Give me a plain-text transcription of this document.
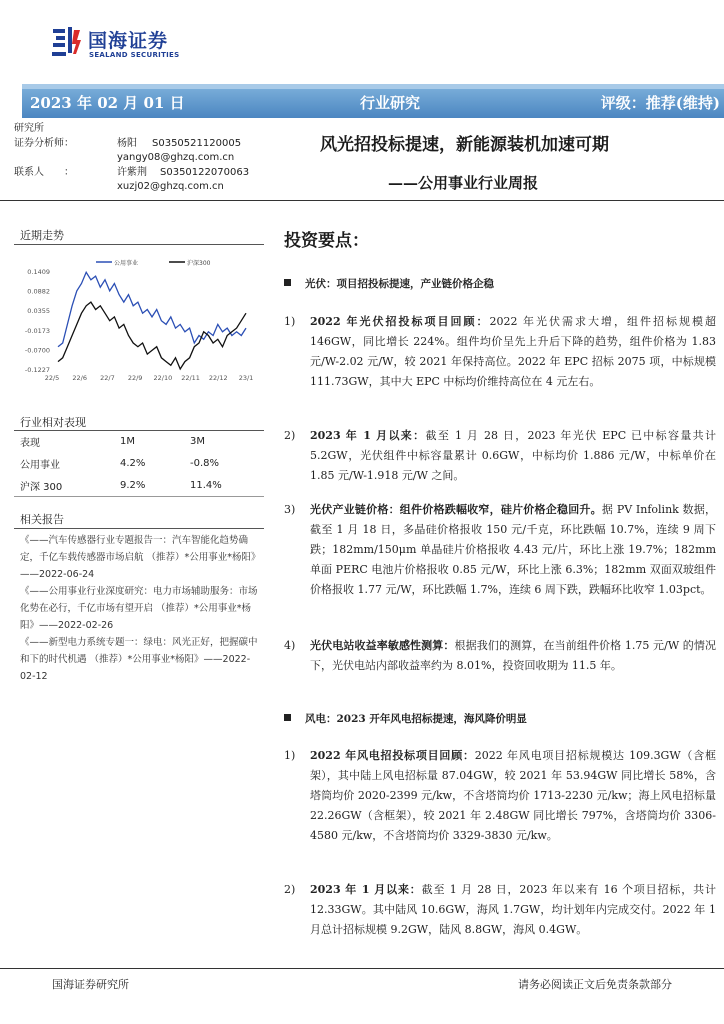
国海证券
SEALAND SECURITIES
2023 年 02 月 01 日	行业研究	评级：推荐(维持)
研究所
证券分析师：	杨阳 S0350521120005
yangy08@ghzq.com.cn
联系人　　：	许紫荆 S0350122070063
xuzj02@ghzq.com.cn
风光招投标提速，新能源装机加速可期
——公用事业行业周报
近期走势
公用事业	沪深300
0.1409
0.0882
0.0355
-0.0173
-0.0700
-0.1227
22/5 22/6 22/7 22/9 22/10 22/11 22/12 23/1
行业相对表现
表现	1M	3M
公用事业	4.2%	-0.8%
沪深 300	9.2%	11.4%
相关报告
《——汽车传感器行业专题报告一：汽车智能化趋势确定，千亿车载传感器市场启航 （推荐）*公用事业*杨阳》——2022-06-24
《——公用事业行业深度研究：电力市场辅助服务：市场化势在必行，千亿市场有望开启 （推荐）*公用事业*杨阳》——2022-02-26
《——新型电力系统专题一：绿电：风光正好，把握碳中和下的时代机遇 （推荐）*公用事业*杨阳》——2022-02-12
投资要点：
光伏：项目招投标提速，产业链价格企稳
1) 2022 年光伏招投标项目回顾：2022 年光伏需求大增，组件招标规模超 146GW，同比增长 224%。组件均价呈先上升后下降的趋势，组件价格为 1.83 元/W-2.02 元/W，较 2021 年保持高位。2022 年 EPC 招标 2075 项，中标规模 111.73GW，其中大 EPC 中标均价维持高位在 4 元左右。
2) 2023 年 1 月以来：截至 1 月 28 日，2023 年光伏 EPC 已中标容量共计 5.2GW，光伏组件中标容量累计 0.6GW，中标均价 1.886 元/W，中标单价在 1.85 元/W-1.918 元/W 之间。
3) 光伏产业链价格：组件价格跌幅收窄，硅片价格企稳回升。据 PV Infolink 数据，截至 1 月 18 日，多晶硅价格报收 150 元/千克，环比跌幅 10.7%，连续 9 周下跌；182mm/150μm 单晶硅片价格报收 4.43 元/片，环比上涨 19.7%；182mm 单面 PERC 电池片价格报收 0.85 元/W，环比上涨 6.3%；182mm 双面双玻组件价格报收 1.77 元/W，环比跌幅 1.7%，连续 6 周下跌，跌幅环比收窄 1.03pct。
4) 光伏电站收益率敏感性测算：根据我们的测算，在当前组件价格 1.75 元/W 的情况下，光伏电站内部收益率约为 8.01%，投资回收期为 11.5 年。
风电：2023 开年风电招标提速，海风降价明显
1) 2022 年风电招投标项目回顾：2022 年风电项目招标规模达 109.3GW（含框架），其中陆上风电招标量 87.04GW，较 2021 年 53.94GW 同比增长 58%，含塔筒均价 2020-2399 元/kw，不含塔筒均价 1713-2230 元/kw；海上风电招标量 22.26GW（含框架），较 2021 年 2.48GW 同比增长 797%，含塔筒均价 3306-4580 元/kw，不含塔筒均价 3329-3830 元/kw。
2) 2023 年 1 月以来：截至 1 月 28 日，2023 年以来有 16 个项目招标，共计 12.33GW。其中陆风 10.6GW，海风 1.7GW，均计划年内完成交付。2022 年 1 月总计招标规模 9.2GW，陆风 8.8GW，海风 0.4GW。
国海证券研究所	请务必阅读正文后免责条款部分
